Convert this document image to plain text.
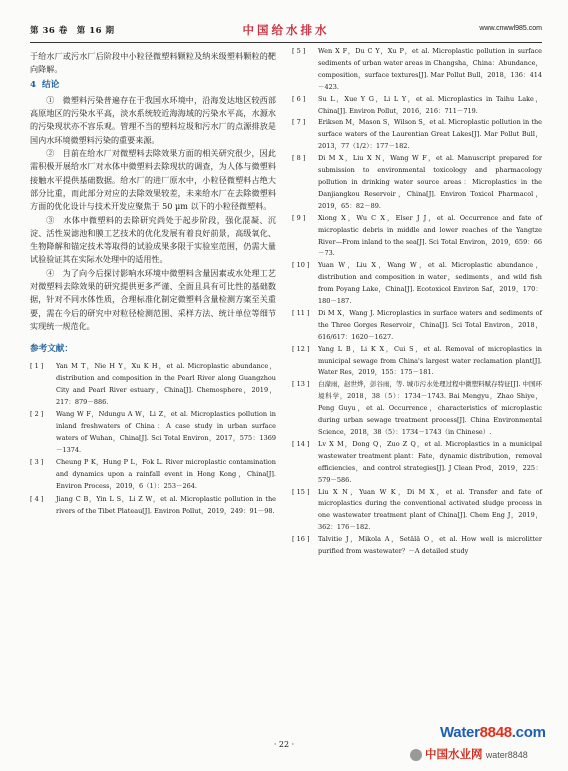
第 36 卷　第 16 期	中国给水排水	www.cnwwl985.com

于给水厂或污水厂后阶段中小粒径微塑料颗粒及纳米级塑料颗粒的靶向降解。

4 结论

①　微塑料污染普遍存在于我国水环境中，沿海发达地区较西部高原地区的污染水平高，淡水系统较近海海域的污染水平高，水源水的污染现状亦不容乐观。管理不当的塑料垃圾和污水厂的点源排放是国内水环境微塑料污染的重要来源。

②　目前在给水厂对微塑料去除效果方面的相关研究很少，因此需积极开展给水厂对水体中微塑料去除现状的调查，为人体与微塑料接触水平提供基础数据。给水厂的进厂原水中，小粒径微塑料占绝大部分比重，而此部分对应的去除效果较差，未来给水厂在去除微塑料方面的优化设计与技术开发应聚焦于 50 μm 以下的小粒径微塑料。

③　水体中微塑料的去除研究尚处于起步阶段，强化混凝、沉淀、活性炭滤池和膜工艺技术的优化发展有着良好前景，高级氧化、生物降解和锚定技术等取得的试验成果多限于实验室范围，仍需大量试验验证其在实际水处理中的适用性。

④　为了向今后探讨影响水环境中微塑料含量因素或水处理工艺对微塑料去除效果的研究提供更多严谨、全面且具有可比性的基础数据，针对不同水体性质，合理标准化制定微塑料含量检测方案至关重要，需在今后的研究中对粒径检测范围、采样方法、统计单位等细节实现统一规范化。

参考文献：
[ 1 ]	Yan M T，Nie H Y，Xu K H，et al. Microplastic abundance，distribution and composition in the Pearl River along Guangzhou City and Pearl River estuary，China[J]. Chemosphere，2019，217：879－886.
[ 2 ]	Wang W F，Ndungu A W，Li Z，et al. Microplastics pollution in inland freshwaters of China：A case study in urban surface waters of Wuhan，China[J]. Sci Total Environ，2017，575：1369－1374.
[ 3 ]	Cheung P K，Hung P L，Fok L. River microplastic contamination and dynamics upon a rainfall event in Hong Kong，China[J]. Environ Process，2019，6（1）：253－264.
[ 4 ]	Jiang C B，Yin L S，Li Z W，et al. Microplastic pollution in the rivers of the Tibet Plateau[J]. Environ Pollut，2019，249：91－98.
[ 5 ]	Wen X F，Du C Y，Xu P，et al. Microplastic pollution in surface sediments of urban water areas in Changsha，China：Abundance，composition，surface textures[J]. Mar Pollut Bull，2018，136：414－423.
[ 6 ]	Su L，Xue Y G，Li L Y，et al. Microplastics in Taihu Lake，China[J]. Environ Pollut，2016，216：711－719.
[ 7 ]	Eriksen M，Mason S，Wilson S，et al. Microplastic pollution in the surface waters of the Laurentian Great Lakes[J]. Mar Pollut Bull，2013，77（1/2）：177－182.
[ 8 ]	Di M X，Liu X N，Wang W F，et al. Manuscript prepared for submission to environmental toxicology and pharmacology pollution in drinking water source areas：Microplastics in the Danjiangkou Reservoir，China[J]. Environ Toxicol Pharmacol，2019，65：82－89.
[ 9 ]	Xiong X，Wu C X，Elser J J，et al. Occurrence and fate of microplastic debris in middle and lower reaches of the Yangtze River—From inland to the sea[J]. Sci Total Environ，2019，659：66－73.
[ 10 ]	Yuan W，Liu X，Wang W，et al. Microplastic abundance，distribution and composition in water，sediments，and wild fish from Poyang Lake，China[J]. Ecotoxicol Environ Saf，2019，170：180－187.
[ 11 ]	Di M X，Wang J. Microplastics in surface waters and sediments of the Three Gorges Reservoir，China[J]. Sci Total Environ，2018，616/617：1620－1627.
[ 12 ]	Yang L B，Li K X，Cui S，et al. Removal of microplastics in municipal sewage from China's largest water reclamation plant[J]. Water Res，2019，155：175－181.
[ 13 ]	白濛雨，赵世烨，彭谷雨，等. 城市污水处理过程中微塑料赋存特征[J]. 中国环境科学，2018，38（5）：1734－1743. Bai Mengyu，Zhao Shiye，Peng Guyu，et al. Occurrence，characteristics of microplastic during urban sewage treatment process[J]. China Environmental Science，2018，38（5）：1734－1743（in Chinese）.
[ 14 ]	Lv X M，Dong Q，Zuo Z Q，et al. Microplastics in a municipal wastewater treatment plant：Fate，dynamic distribution，removal efficiencies，and control strategies[J]. J Clean Prod，2019，225：579－586.
[ 15 ]	Liu X N，Yuan W K，Di M X，et al. Transfer and fate of microplastics during the conventional activated sludge process in one wastewater treatment plant of China[J]. Chem Eng J，2019，362：176－182.
[ 16 ]	Talvitie J，Mikola A，Setälä O，et al. How well is microlitter purified from wastewater？－A detailed study
· 22 ·
Water8848.com
中国水业网 water8848
